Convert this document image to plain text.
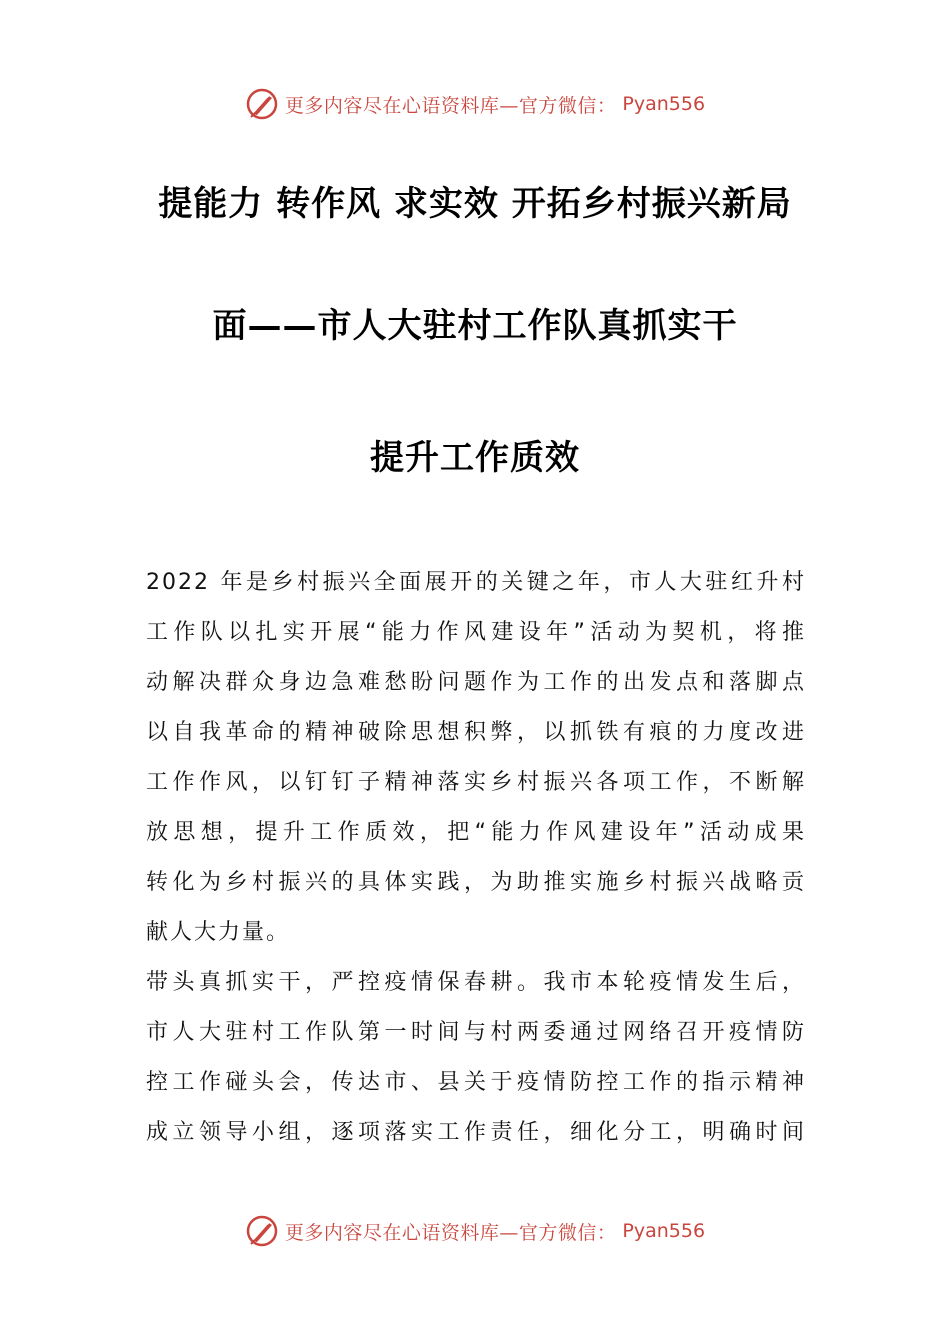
更多内容尽在心语资料库—官方微信： Pyan556
提能力 转作风 求实效 开拓乡村振兴新局
面——市人大驻村工作队真抓实干
提升工作质效
2022 年是乡村振兴全面展开的关键之年，市人大驻红升村
工作队以扎实开展“能力作风建设年”活动为契机，将推
动解决群众身边急难愁盼问题作为工作的出发点和落脚点
以自我革命的精神破除思想积弊，以抓铁有痕的力度改进
工作作风，以钉钉子精神落实乡村振兴各项工作，不断解
放思想，提升工作质效，把“能力作风建设年”活动成果
转化为乡村振兴的具体实践，为助推实施乡村振兴战略贡
献人大力量。
带头真抓实干，严控疫情保春耕。我市本轮疫情发生后，
市人大驻村工作队第一时间与村两委通过网络召开疫情防
控工作碰头会，传达市、县关于疫情防控工作的指示精神
成立领导小组，逐项落实工作责任，细化分工，明确时间
更多内容尽在心语资料库—官方微信： Pyan556
